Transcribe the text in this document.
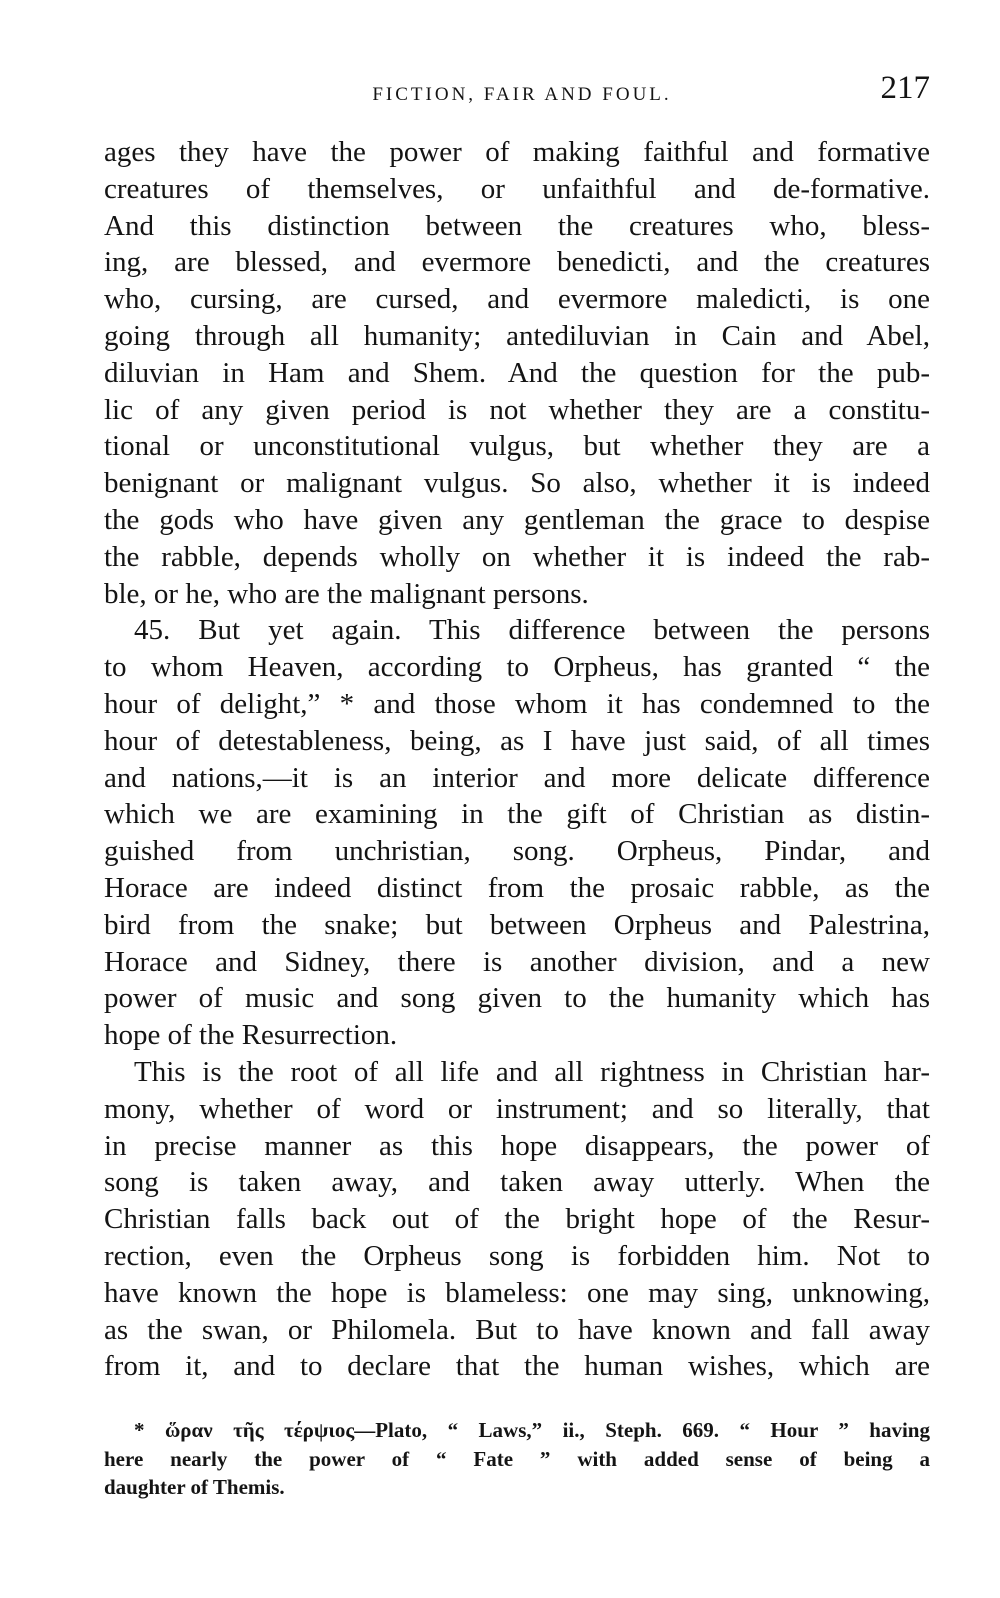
FICTION, FAIR AND FOUL.	217
ages they have the power of making faithful and formative
creatures of themselves, or unfaithful and de-formative.
And this distinction between the creatures who, bless-
ing, are blessed, and evermore benedicti, and the creatures
who, cursing, are cursed, and evermore maledicti, is one
going through all humanity; antediluvian in Cain and Abel,
diluvian in Ham and Shem. And the question for the pub-
lic of any given period is not whether they are a constitu-
tional or unconstitutional vulgus, but whether they are a
benignant or malignant vulgus. So also, whether it is indeed
the gods who have given any gentleman the grace to despise
the rabble, depends wholly on whether it is indeed the rab-
ble, or he, who are the malignant persons.
45. But yet again. This difference between the persons
to whom Heaven, according to Orpheus, has granted “ the
hour of delight,” * and those whom it has condemned to the
hour of detestableness, being, as I have just said, of all times
and nations,—it is an interior and more delicate difference
which we are examining in the gift of Christian as distin-
guished from unchristian, song. Orpheus, Pindar, and
Horace are indeed distinct from the prosaic rabble, as the
bird from the snake; but between Orpheus and Palestrina,
Horace and Sidney, there is another division, and a new
power of music and song given to the humanity which has
hope of the Resurrection.
This is the root of all life and all rightness in Christian har-
mony, whether of word or instrument; and so literally, that
in precise manner as this hope disappears, the power of
song is taken away, and taken away utterly. When the
Christian falls back out of the bright hope of the Resur-
rection, even the Orpheus song is forbidden him. Not to
have known the hope is blameless: one may sing, unknowing,
as the swan, or Philomela. But to have known and fall away
from it, and to declare that the human wishes, which are
* ὥραν τῆς τέρψιος—Plato, “ Laws,” ii., Steph. 669. “ Hour ” having
here nearly the power of “ Fate ” with added sense of being a
daughter of Themis.
